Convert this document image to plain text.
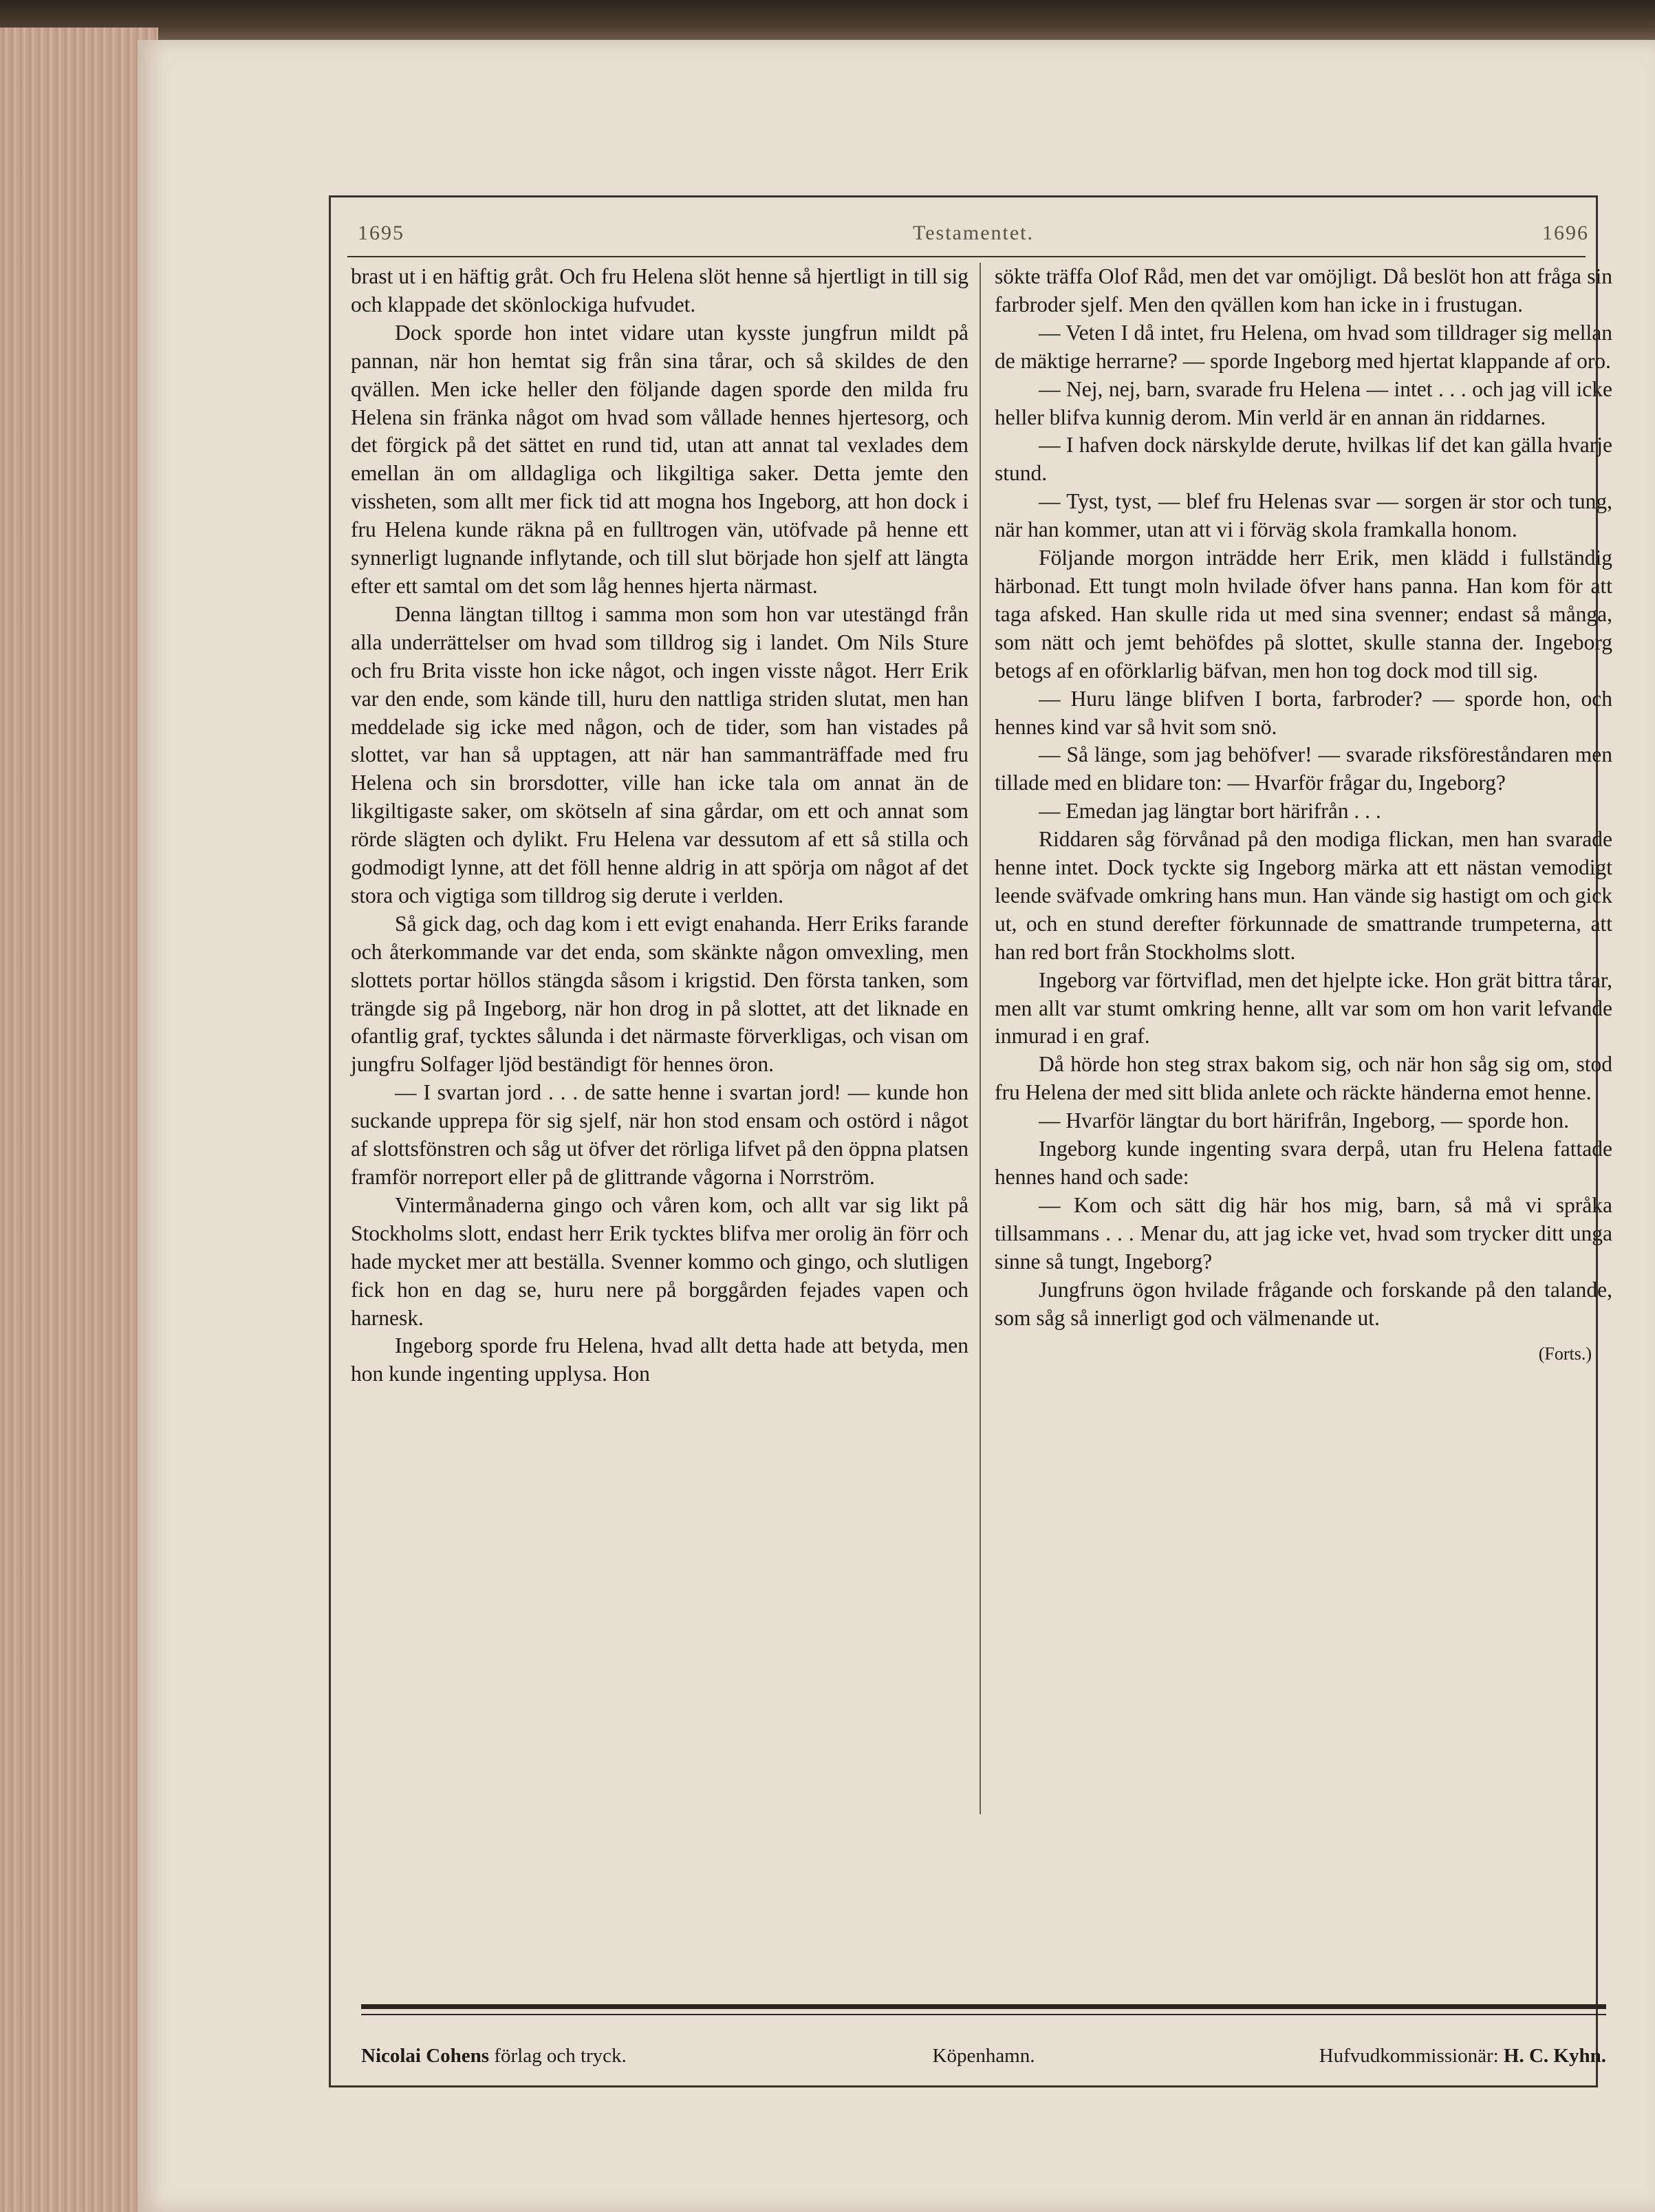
1695	Testamentet.	1696

brast ut i en häftig gråt. Och fru Helena slöt henne så hjertligt in till sig och klappade det skönlockiga hufvudet.

Dock sporde hon intet vidare utan kysste jungfrun mildt på pannan, när hon hemtat sig från sina tårar, och så skildes de den qvällen. Men icke heller den följande dagen sporde den milda fru Helena sin fränka något om hvad som vållade hennes hjertesorg, och det förgick på det sättet en rund tid, utan att annat tal vexlades dem emellan än om alldagliga och likgiltiga saker. Detta jemte den vissheten, som allt mer fick tid att mogna hos Ingeborg, att hon dock i fru Helena kunde räkna på en fulltrogen vän, utöfvade på henne ett synnerligt lugnande inflytande, och till slut började hon sjelf att längta efter ett samtal om det som låg hennes hjerta närmast.

Denna längtan tilltog i samma mon som hon var utestängd från alla underrättelser om hvad som tilldrog sig i landet. Om Nils Sture och fru Brita visste hon icke något, och ingen visste något. Herr Erik var den ende, som kände till, huru den nattliga striden slutat, men han meddelade sig icke med någon, och de tider, som han vistades på slottet, var han så upptagen, att när han sammanträffade med fru Helena och sin brorsdotter, ville han icke tala om annat än de likgiltigaste saker, om skötseln af sina gårdar, om ett och annat som rörde slägten och dylikt. Fru Helena var dessutom af ett så stilla och godmodigt lynne, att det föll henne aldrig in att spörja om något af det stora och vigtiga som tilldrog sig derute i verlden.

Så gick dag, och dag kom i ett evigt enahanda. Herr Eriks farande och återkommande var det enda, som skänkte någon omvexling, men slottets portar höllos stängda såsom i krigstid. Den första tanken, som trängde sig på Ingeborg, när hon drog in på slottet, att det liknade en ofantlig graf, tycktes sålunda i det närmaste förverkligas, och visan om jungfru Solfager ljöd beständigt för hennes öron.

— I svartan jord . . . de satte henne i svartan jord! — kunde hon suckande upprepa för sig sjelf, när hon stod ensam och ostörd i något af slottsfönstren och såg ut öfver det rörliga lifvet på den öppna platsen framför norreport eller på de glittrande vågorna i Norrström.

Vintermånaderna gingo och våren kom, och allt var sig likt på Stockholms slott, endast herr Erik tycktes blifva mer orolig än förr och hade mycket mer att beställa. Svenner kommo och gingo, och slutligen fick hon en dag se, huru nere på borggården fejades vapen och harnesk.

Ingeborg sporde fru Helena, hvad allt detta hade att betyda, men hon kunde ingenting upplysa. Hon

sökte träffa Olof Råd, men det var omöjligt. Då beslöt hon att fråga sin farbroder sjelf. Men den qvällen kom han icke in i frustugan.

— Veten I då intet, fru Helena, om hvad som tilldrager sig mellan de mäktige herrarne? — sporde Ingeborg med hjertat klappande af oro.

— Nej, nej, barn, svarade fru Helena — intet . . . och jag vill icke heller blifva kunnig derom. Min verld är en annan än riddarnes.

— I hafven dock närskylde derute, hvilkas lif det kan gälla hvarje stund.

— Tyst, tyst, — blef fru Helenas svar — sorgen är stor och tung, när han kommer, utan att vi i förväg skola framkalla honom.

Följande morgon inträdde herr Erik, men klädd i fullständig härbonad. Ett tungt moln hvilade öfver hans panna. Han kom för att taga afsked. Han skulle rida ut med sina svenner; endast så många, som nätt och jemt behöfdes på slottet, skulle stanna der. Ingeborg betogs af en oförklarlig bäfvan, men hon tog dock mod till sig.

— Huru länge blifven I borta, farbroder? — sporde hon, och hennes kind var så hvit som snö.

— Så länge, som jag behöfver! — svarade riksföreståndaren men tillade med en blidare ton: — Hvarför frågar du, Ingeborg?

— Emedan jag längtar bort härifrån . . .

Riddaren såg förvånad på den modiga flickan, men han svarade henne intet. Dock tyckte sig Ingeborg märka att ett nästan vemodigt leende sväfvade omkring hans mun. Han vände sig hastigt om och gick ut, och en stund derefter förkunnade de smattrande trumpeterna, att han red bort från Stockholms slott.

Ingeborg var förtviflad, men det hjelpte icke. Hon grät bittra tårar, men allt var stumt omkring henne, allt var som om hon varit lefvande inmurad i en graf.

Då hörde hon steg strax bakom sig, och när hon såg sig om, stod fru Helena der med sitt blida anlete och räckte händerna emot henne.

— Hvarför längtar du bort härifrån, Ingeborg, — sporde hon.

Ingeborg kunde ingenting svara derpå, utan fru Helena fattade hennes hand och sade:

— Kom och sätt dig här hos mig, barn, så må vi språka tillsammans . . . Menar du, att jag icke vet, hvad som trycker ditt unga sinne så tungt, Ingeborg?

Jungfruns ögon hvilade frågande och forskande på den talande, som såg så innerligt god och välmenande ut.

(Forts.)

Nicolai Cohens förlag och tryck.	Köpenhamn.	Hufvudkommissionär: H. C. Kyhn.
